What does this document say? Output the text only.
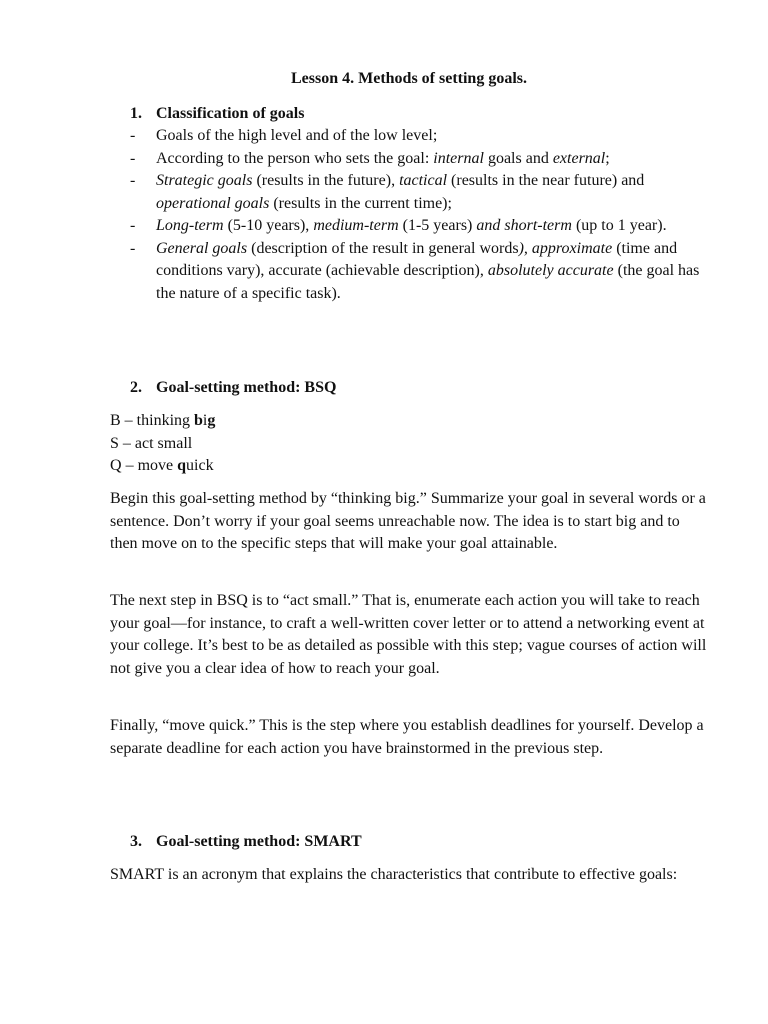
Lesson 4. Methods of setting goals.
1. Classification of goals
- Goals of the high level and of the low level;
- According to the person who sets the goal: internal goals and external;
- Strategic goals (results in the future), tactical (results in the near future) and operational goals (results in the current time);
- Long-term (5-10 years), medium-term (1-5 years) and short-term (up to 1 year).
- General goals (description of the result in general words), approximate (time and conditions vary), accurate (achievable description), absolutely accurate (the goal has the nature of a specific task).
2. Goal-setting method: BSQ
B – thinking big
S – act small
Q – move quick

Begin this goal-setting method by “thinking big.” Summarize your goal in several words or a sentence. Don’t worry if your goal seems unreachable now. The idea is to start big and to then move on to the specific steps that will make your goal attainable.

The next step in BSQ is to “act small.” That is, enumerate each action you will take to reach your goal—for instance, to craft a well-written cover letter or to attend a networking event at your college. It’s best to be as detailed as possible with this step; vague courses of action will not give you a clear idea of how to reach your goal.

Finally, “move quick.” This is the step where you establish deadlines for yourself. Develop a separate deadline for each action you have brainstormed in the previous step.

3. Goal-setting method: SMART

SMART is an acronym that explains the characteristics that contribute to effective goals:
